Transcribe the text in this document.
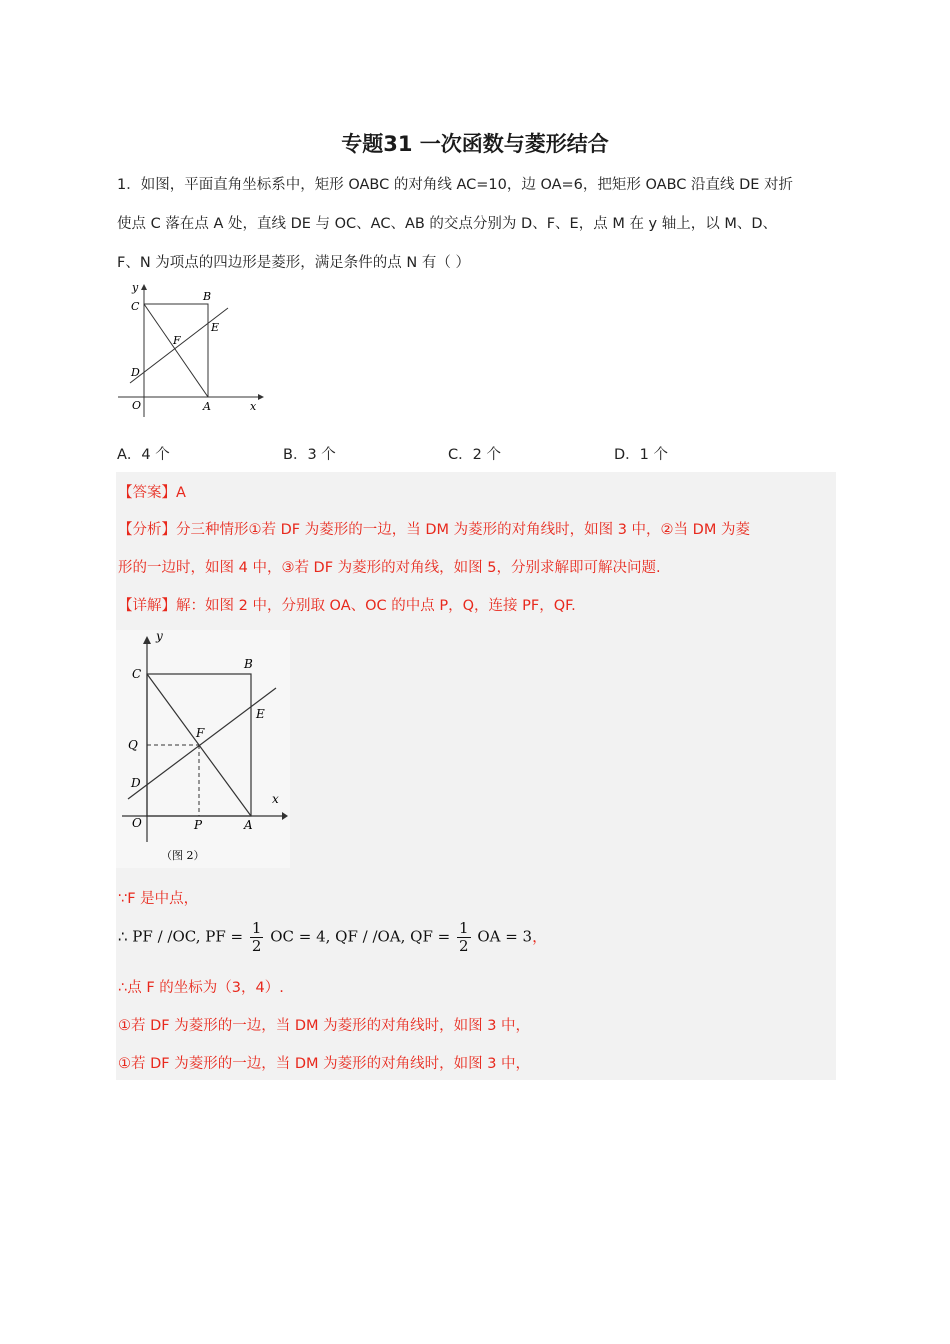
专题31 一次函数与菱形结合
1．如图，平面直角坐标系中，矩形 OABC 的对角线 AC=10，边 OA=6，把矩形 OABC 沿直线 DE 对折
使点 C 落在点 A 处，直线 DE 与 OC、AC、AB 的交点分别为 D、F、E，点 M 在 y 轴上，以 M、D、
F、N 为项点的四边形是菱形，满足条件的点 N 有（ ）
y
x
C
B
E
F
D
O	A
A．4 个	B．3 个	C．2 个	D．1 个
【答案】A
【分析】分三种情形①若 DF 为菱形的一边，当 DM 为菱形的对角线时，如图 3 中，②当 DM 为菱
形的一边时，如图 4 中，③若 DF 为菱形的对角线，如图 5，分别求解即可解决问题.
【详解】解：如图 2 中，分别取 OA、OC 的中点 P，Q，连接 PF，QF.
y
x
C
B
E
F
Q
D
O	P	A
（图 2）
∵F 是中点，
∴ PF / /OC, PF = $\frac{1}{2}$ OC = 4, QF / /OA, QF = $\frac{1}{2}$ OA = 3，
∴点 F 的坐标为（3，4）.
①若 DF 为菱形的一边，当 DM 为菱形的对角线时，如图 3 中，
①若 DF 为菱形的一边，当 DM 为菱形的对角线时，如图 3 中，
